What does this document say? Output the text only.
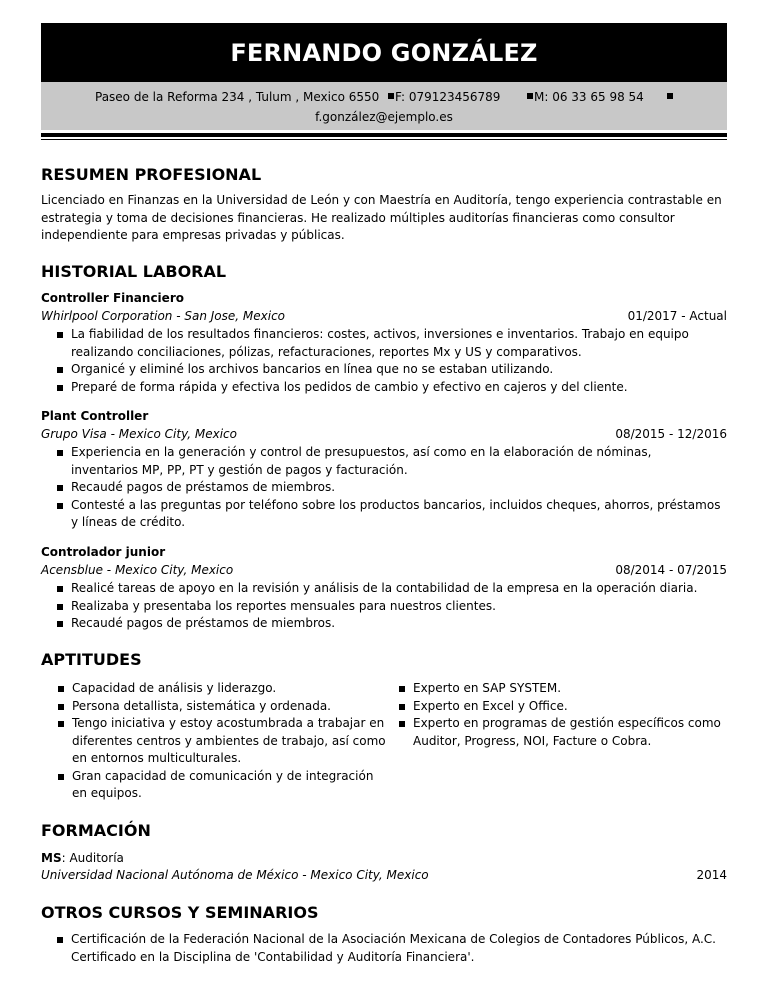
FERNANDO GONZÁLEZ
Paseo de la Reforma 234 , Tulum , Mexico 6550	F: 079123456789	M: 06 33 65 98 54
f.gonzález@ejemplo.es
RESUMEN PROFESIONAL
Licenciado en Finanzas en la Universidad de León y con Maestría en Auditoría, tengo experiencia contrastable en estrategia y toma de decisiones financieras. He realizado múltiples auditorías financieras como consultor independiente para empresas privadas y públicas.
HISTORIAL LABORAL
Controller Financiero
Whirlpool Corporation - San Jose, Mexico	01/2017 - Actual
La fiabilidad de los resultados financieros: costes, activos, inversiones e inventarios. Trabajo en equipo realizando conciliaciones, pólizas, refacturaciones, reportes Mx y US y comparativos.
Organicé y eliminé los archivos bancarios en línea que no se estaban utilizando.
Preparé de forma rápida y efectiva los pedidos de cambio y efectivo en cajeros y del cliente.
Plant Controller
Grupo Visa - Mexico City, Mexico	08/2015 - 12/2016
Experiencia en la generación y control de presupuestos, así como en la elaboración de nóminas, inventarios MP, PP, PT y gestión de pagos y facturación.
Recaudé pagos de préstamos de miembros.
Contesté a las preguntas por teléfono sobre los productos bancarios, incluidos cheques, ahorros, préstamos y líneas de crédito.
Controlador junior
Acensblue - Mexico City, Mexico	08/2014 - 07/2015
Realicé tareas de apoyo en la revisión y análisis de la contabilidad de la empresa en la operación diaria.
Realizaba y presentaba los reportes mensuales para nuestros clientes.
Recaudé pagos de préstamos de miembros.
APTITUDES
Capacidad de análisis y liderazgo.
Persona detallista, sistemática y ordenada.
Tengo iniciativa y estoy acostumbrada a trabajar en diferentes centros y ambientes de trabajo, así como en entornos multiculturales.
Gran capacidad de comunicación y de integración en equipos.
Experto en SAP SYSTEM.
Experto en Excel y Office.
Experto en programas de gestión específicos como Auditor, Progress, NOI, Facture o Cobra.
FORMACIÓN
MS: Auditoría
Universidad Nacional Autónoma de México - Mexico City, Mexico	2014
OTROS CURSOS Y SEMINARIOS
Certificación de la Federación Nacional de la Asociación Mexicana de Colegios de Contadores Públicos, A.C. Certificado en la Disciplina de 'Contabilidad y Auditoría Financiera'.
